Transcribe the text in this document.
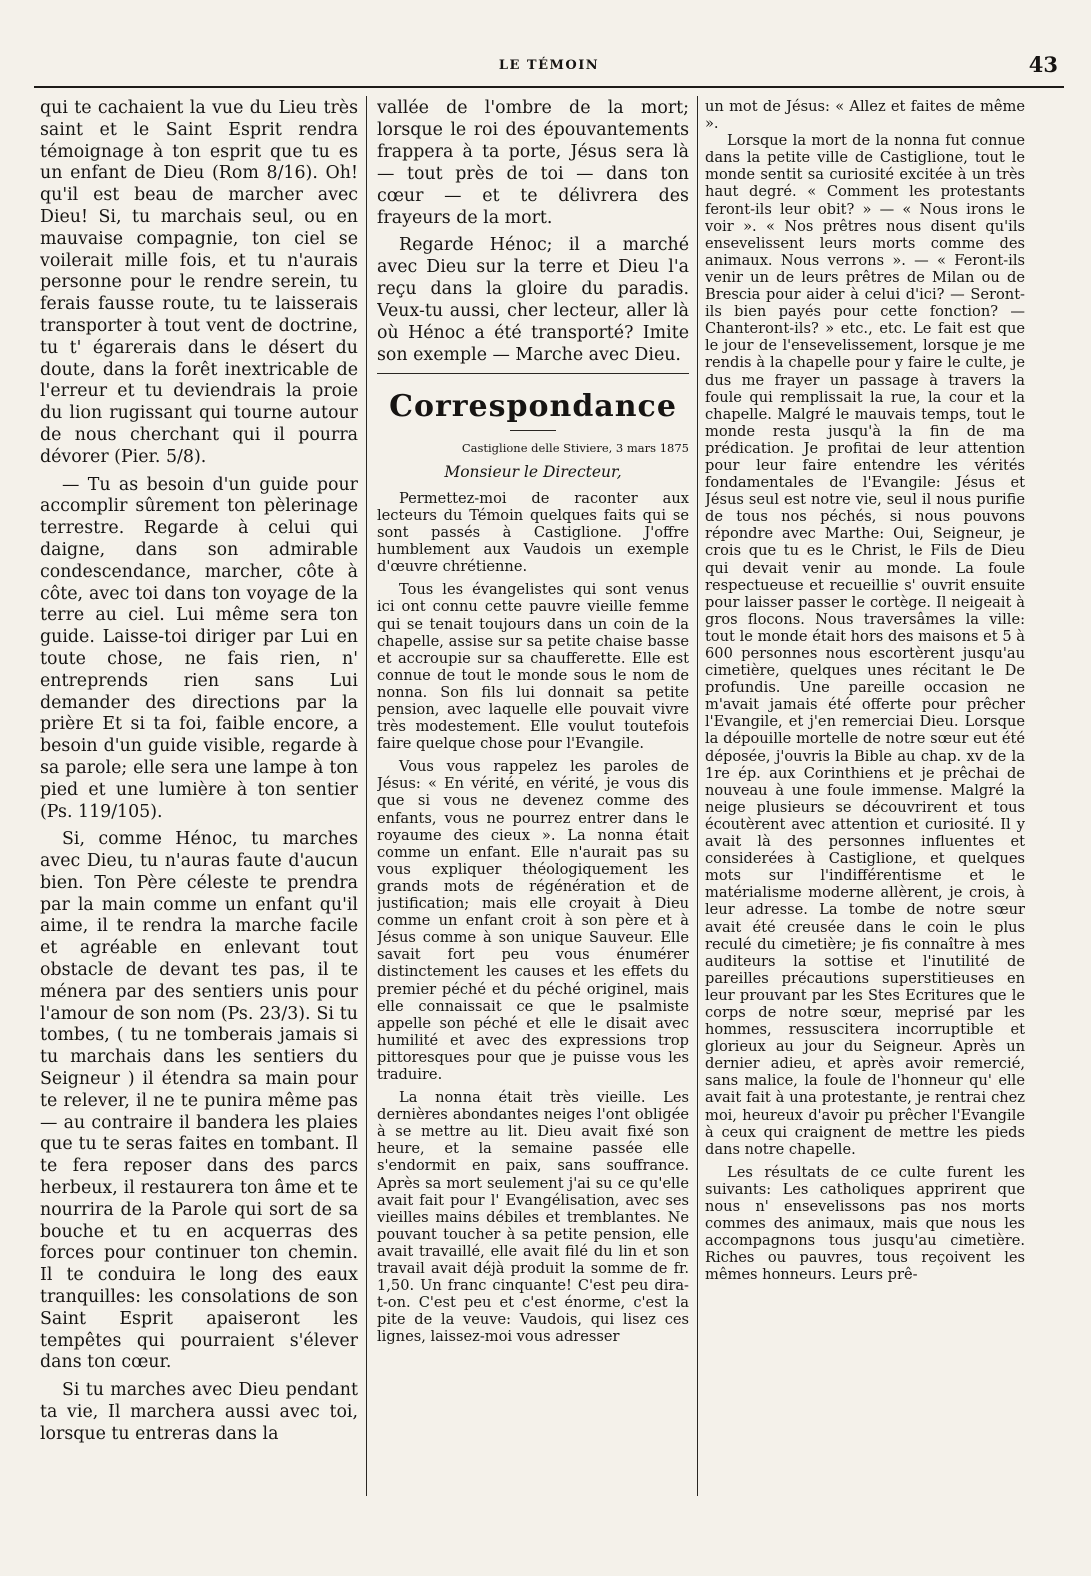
LE TÉMOIN	43

qui te cachaient la vue du Lieu très saint et le Saint Esprit rendra témoignage à ton esprit que tu es un enfant de Dieu (Rom 8/16). Oh! qu'il est beau de marcher avec Dieu! Si, tu marchais seul, ou en mauvaise compagnie, ton ciel se voilerait mille fois, et tu n'aurais personne pour le rendre serein, tu ferais fausse route, tu te laisserais transporter à tout vent de doctrine, tu t' égarerais dans le désert du doute, dans la forêt inextricable de l'erreur et tu deviendrais la proie du lion rugissant qui tourne autour de nous cherchant qui il pourra dévorer (Pier. 5/8).

— Tu as besoin d'un guide pour accomplir sûrement ton pèlerinage terrestre. Regarde à celui qui daigne, dans son admirable condescendance, marcher, côte à côte, avec toi dans ton voyage de la terre au ciel. Lui même sera ton guide. Laisse-toi diriger par Lui en toute chose, ne fais rien, n' entreprends rien sans Lui demander des directions par la prière Et si ta foi, faible encore, a besoin d'un guide visible, regarde à sa parole; elle sera une lampe à ton pied et une lumière à ton sentier (Ps. 119/105).

Si, comme Hénoc, tu marches avec Dieu, tu n'auras faute d'aucun bien. Ton Père céleste te prendra par la main comme un enfant qu'il aime, il te rendra la marche facile et agréable en enlevant tout obstacle de devant tes pas, il te ménera par des sentiers unis pour l'amour de son nom (Ps. 23/3). Si tu tombes, ( tu ne tomberais jamais si tu marchais dans les sentiers du Seigneur ) il étendra sa main pour te relever, il ne te punira même pas — au contraire il bandera les plaies que tu te seras faites en tombant. Il te fera reposer dans des parcs herbeux, il restaurera ton âme et te nourrira de la Parole qui sort de sa bouche et tu en acquerras des forces pour continuer ton chemin. Il te conduira le long des eaux tranquilles: les consolations de son Saint Esprit apaiseront les tempêtes qui pourraient s'élever dans ton cœur.

Si tu marches avec Dieu pendant ta vie, Il marchera aussi avec toi, lorsque tu entreras dans la

vallée de l'ombre de la mort; lorsque le roi des épouvantements frappera à ta porte, Jésus sera là — tout près de toi — dans ton cœur — et te délivrera des frayeurs de la mort.

Regarde Hénoc; il a marché avec Dieu sur la terre et Dieu l'a reçu dans la gloire du paradis. Veux-tu aussi, cher lecteur, aller là où Hénoc a été transporté? Imite son exemple — Marche avec Dieu.

Correspondance
Castiglione delle Stiviere, 3 mars 1875
Monsieur le Directeur,

Permettez-moi de raconter aux lecteurs du Témoin quelques faits qui se sont passés à Castiglione. J'offre humblement aux Vaudois un exemple d'œuvre chrétienne.

Tous les évangelistes qui sont venus ici ont connu cette pauvre vieille femme qui se tenait toujours dans un coin de la chapelle, assise sur sa petite chaise basse et accroupie sur sa chaufferette. Elle est connue de tout le monde sous le nom de nonna. Son fils lui donnait sa petite pension, avec laquelle elle pouvait vivre très modestement. Elle voulut toutefois faire quelque chose pour l'Evangile.

Vous vous rappelez les paroles de Jésus: « En vérité, en vérité, je vous dis que si vous ne devenez comme des enfants, vous ne pourrez entrer dans le royaume des cieux ». La nonna était comme un enfant. Elle n'aurait pas su vous expliquer théologiquement les grands mots de régénération et de justification; mais elle croyait à Dieu comme un enfant croit à son père et à Jésus comme à son unique Sauveur. Elle savait fort peu vous énumérer distinctement les causes et les effets du premier péché et du péché originel, mais elle connaissait ce que le psalmiste appelle son péché et elle le disait avec humilité et avec des expressions trop pittoresques pour que je puisse vous les traduire.

La nonna était très vieille. Les dernières abondantes neiges l'ont obligée à se mettre au lit. Dieu avait fixé son heure, et la semaine passée elle s'endormit en paix, sans souffrance. Après sa mort seulement j'ai su ce qu'elle avait fait pour l' Evangélisation, avec ses vieilles mains débiles et tremblantes. Ne pouvant toucher à sa petite pension, elle avait travaillé, elle avait filé du lin et son travail avait déjà produit la somme de fr. 1,50. Un franc cinquante! C'est peu dira-t-on. C'est peu et c'est énorme, c'est la pite de la veuve: Vaudois, qui lisez ces lignes, laissez-moi vous adresser

un mot de Jésus: « Allez et faites de même ».

Lorsque la mort de la nonna fut connue dans la petite ville de Castiglione, tout le monde sentit sa curiosité excitée à un très haut degré. « Comment les protestants feront-ils leur obit? » — « Nous irons le voir ». « Nos prêtres nous disent qu'ils ensevelissent leurs morts comme des animaux. Nous verrons ». — « Feront-ils venir un de leurs prêtres de Milan ou de Brescia pour aider à celui d'ici? — Seront-ils bien payés pour cette fonction? — Chanteront-ils? » etc., etc. Le fait est que le jour de l'ensevelissement, lorsque je me rendis à la chapelle pour y faire le culte, je dus me frayer un passage à travers la foule qui remplissait la rue, la cour et la chapelle. Malgré le mauvais temps, tout le monde resta jusqu'à la fin de ma prédication. Je profitai de leur attention pour leur faire entendre les vérités fondamentales de l'Evangile: Jésus et Jésus seul est notre vie, seul il nous purifie de tous nos péchés, si nous pouvons répondre avec Marthe: Oui, Seigneur, je crois que tu es le Christ, le Fils de Dieu qui devait venir au monde. La foule respectueuse et recueillie s' ouvrit ensuite pour laisser passer le cortège. Il neigeait à gros flocons. Nous traversâmes la ville: tout le monde était hors des maisons et 5 à 600 personnes nous escortèrent jusqu'au cimetière, quelques unes récitant le De profundis. Une pareille occasion ne m'avait jamais été offerte pour prêcher l'Evangile, et j'en remerciai Dieu. Lorsque la dépouille mortelle de notre sœur eut été déposée, j'ouvris la Bible au chap. xv de la 1re ép. aux Corinthiens et je prêchai de nouveau à une foule immense. Malgré la neige plusieurs se découvrirent et tous écoutèrent avec attention et curiosité. Il y avait là des personnes influentes et considerées à Castiglione, et quelques mots sur l'indifférentisme et le matérialisme moderne allèrent, je crois, à leur adresse. La tombe de notre sœur avait été creusée dans le coin le plus reculé du cimetière; je fis connaître à mes auditeurs la sottise et l'inutilité de pareilles précautions superstitieuses en leur prouvant par les Stes Ecritures que le corps de notre sœur, meprisé par les hommes, ressuscitera incorruptible et glorieux au jour du Seigneur. Après un dernier adieu, et après avoir remercié, sans malice, la foule de l'honneur qu' elle avait fait à una protestante, je rentrai chez moi, heureux d'avoir pu prêcher l'Evangile à ceux qui craignent de mettre les pieds dans notre chapelle.

Les résultats de ce culte furent les suivants: Les catholiques apprirent que nous n' ensevelissons pas nos morts commes des animaux, mais que nous les accompagnons tous jusqu'au cimetière. Riches ou pauvres, tous reçoivent les mêmes honneurs. Leurs prê-
